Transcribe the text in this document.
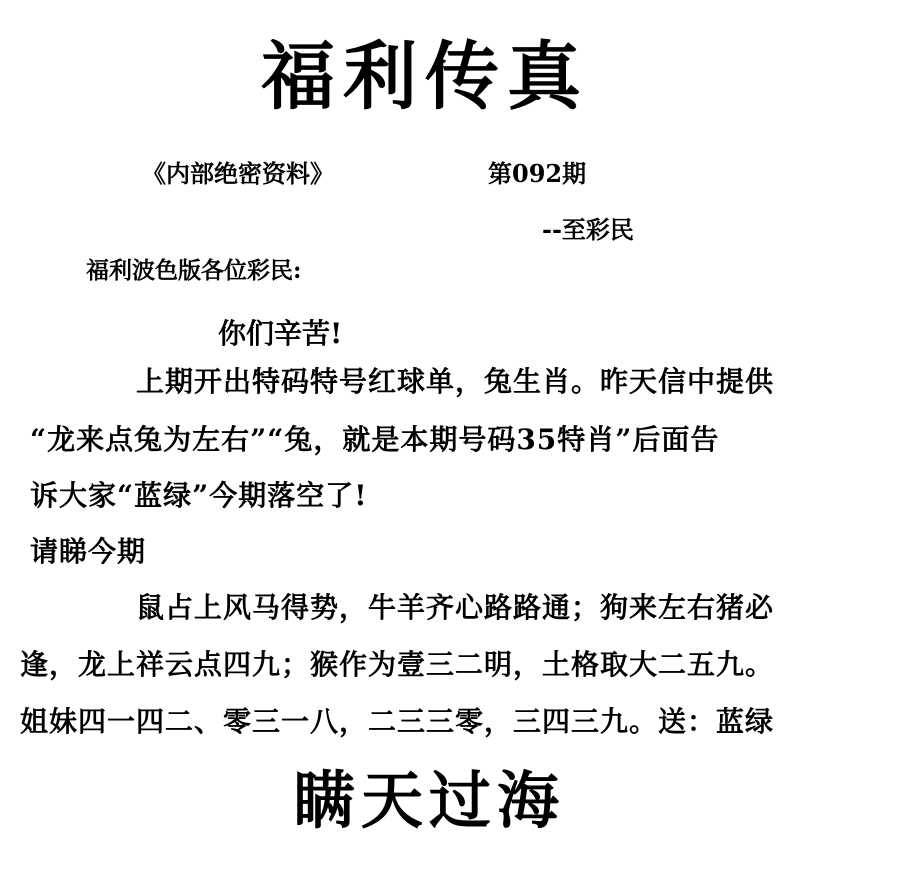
福利传真
《内部绝密资料》	第092期
--至彩民
福利波色版各位彩民:
你们辛苦!
上期开出特码特号红球单，兔生肖。昨天信中提供
“龙来点兔为左右”“兔，就是本期号码35特肖”后面告
诉大家“蓝绿”今期落空了!
请睇今期
鼠占上风马得势，牛羊齐心路路通；狗来左右猪必
逢，龙上祥云点四九；猴作为壹三二明，土格取大二五九。
姐妹四一四二、零三一八，二三三零，三四三九。送：蓝绿
瞒天过海
